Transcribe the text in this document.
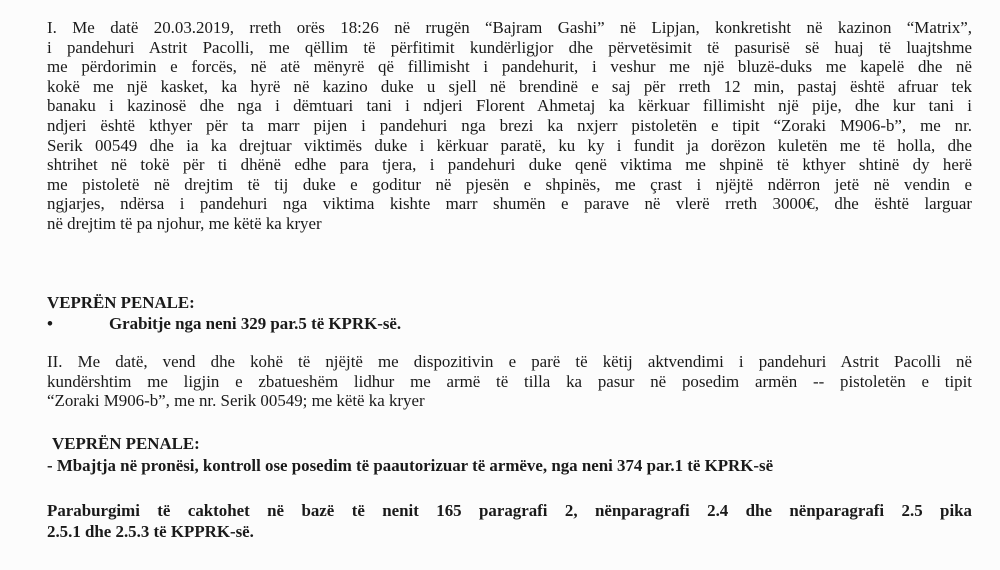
I. Me datë 20.03.2019, rreth orës 18:26 në rrugën “Bajram Gashi” në Lipjan, konkretisht në kazinon “Matrix”,
i pandehuri Astrit Pacolli, me qëllim të përfitimit kundërligjor dhe përvetësimit të pasurisë së huaj të luajtshme
me përdorimin e forcës, në atë mënyrë që fillimisht i pandehurit, i veshur me një bluzë-duks me kapelë dhe në
kokë me një kasket, ka hyrë në kazino duke u sjell në brendinë e saj për rreth 12 min, pastaj është afruar tek
banaku i kazinosë dhe nga i dëmtuari tani i ndjeri Florent Ahmetaj ka kërkuar fillimisht një pije, dhe kur tani i
ndjeri është kthyer për ta marr pijen i pandehuri nga brezi ka nxjerr pistoletën e tipit “Zoraki M906-b”, me nr.
Serik 00549 dhe ia ka drejtuar viktimës duke i kërkuar paratë, ku ky i fundit ja dorëzon kuletën me të holla, dhe
shtrihet në tokë për ti dhënë edhe para tjera, i pandehuri duke qenë viktima me shpinë të kthyer shtinë dy herë
me pistoletë në drejtim të tij duke e goditur në pjesën e shpinës, me çrast i njëjtë ndërron jetë në vendin e
ngjarjes, ndërsa i pandehuri nga viktima kishte marr shumën e parave në vlerë rreth 3000€, dhe është larguar
në drejtim të pa njohur, me këtë ka kryer

VEPRËN PENALE:

•	Grabitje nga neni 329 par.5 të KPRK-së.

II. Me datë, vend dhe kohë të njëjtë me dispozitivin e parë të këtij aktvendimi i pandehuri Astrit Pacolli në
kundërshtim me ligjin e zbatueshëm lidhur me armë të tilla ka pasur në posedim armën -- pistoletën e tipit
“Zoraki M906-b”, me nr. Serik 00549; me këtë ka kryer

VEPRËN PENALE:

- Mbajtja në pronësi, kontroll ose posedim të paautorizuar të armëve, nga neni 374 par.1 të KPRK-së

Paraburgimi të caktohet në bazë të nenit 165 paragrafi 2, nënparagrafi 2.4 dhe nënparagrafi 2.5 pika
2.5.1 dhe 2.5.3 të KPPRK-së.
